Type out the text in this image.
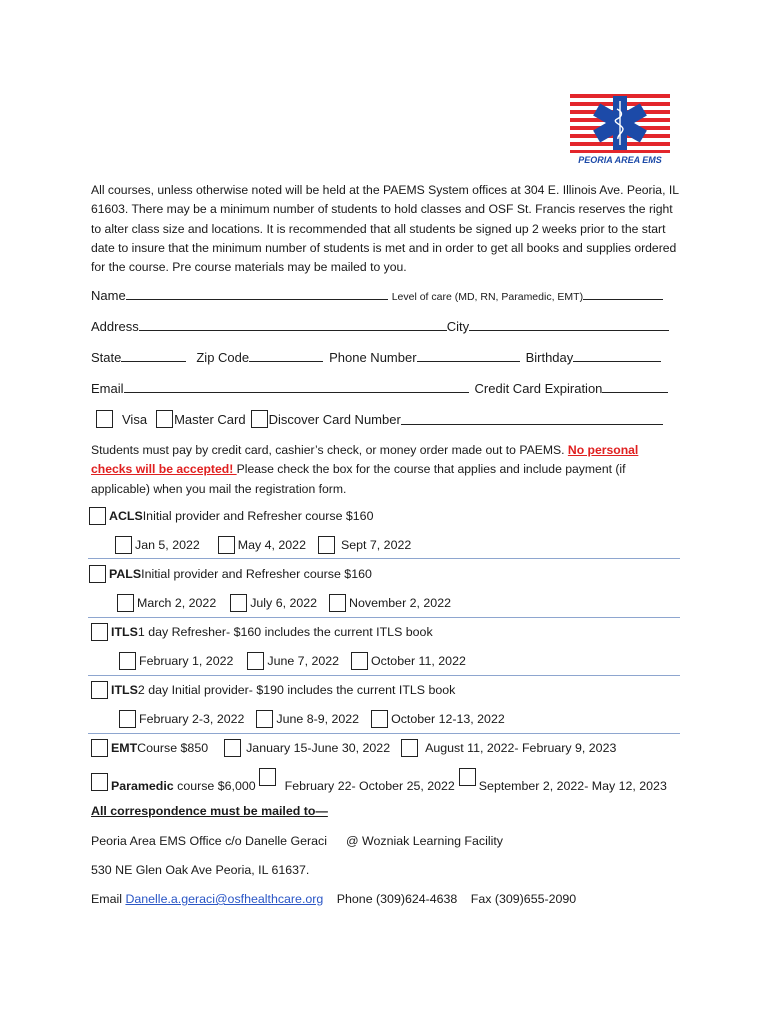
PEORIA AREA EMS
All courses, unless otherwise noted will be held at the PAEMS System offices at 304 E. Illinois Ave. Peoria, IL 61603. There may be a minimum number of students to hold classes and OSF St. Francis reserves the right to alter class size and locations. It is recommended that all students be signed up 2 weeks prior to the start date to insure that the minimum number of students is met and in order to get all books and supplies ordered for the course. Pre course materials may be mailed to you.
Name	Level of care (MD, RN, Paramedic, EMT)
Address	City
State	Zip Code	Phone Number	Birthday
Email	Credit Card Expiration
Visa Master Card Discover Card Number
Students must pay by credit card, cashier’s check, or money order made out to PAEMS. No personal
checks will be accepted! Please check the box for the course that applies and include payment (if
applicable) when you mail the registration form.
ACLS Initial provider and Refresher course $160
Jan 5, 2022	May 4, 2022	Sept 7, 2022
PALS Initial provider and Refresher course $160
March 2, 2022	July 6, 2022	November 2, 2022
ITLS 1 day Refresher- $160 includes the current ITLS book
February 1, 2022	June 7, 2022	October 11, 2022
ITLS 2 day Initial provider- $190 includes the current ITLS book
February 2-3, 2022	June 8-9, 2022	October 12-13, 2022
EMT Course $850	January 15-June 30, 2022	August 11, 2022- February 9, 2023
Paramedic course $6,000 February 22- October 25, 2022 September 2, 2022- May 12, 2023
All correspondence must be mailed to—
Peoria Area EMS Office c/o Danelle Geraci @ Wozniak Learning Facility
530 NE Glen Oak Ave Peoria, IL 61637.
Email Danelle.a.geraci@osfhealthcare.org Phone (309)624-4638 Fax (309)655-2090
